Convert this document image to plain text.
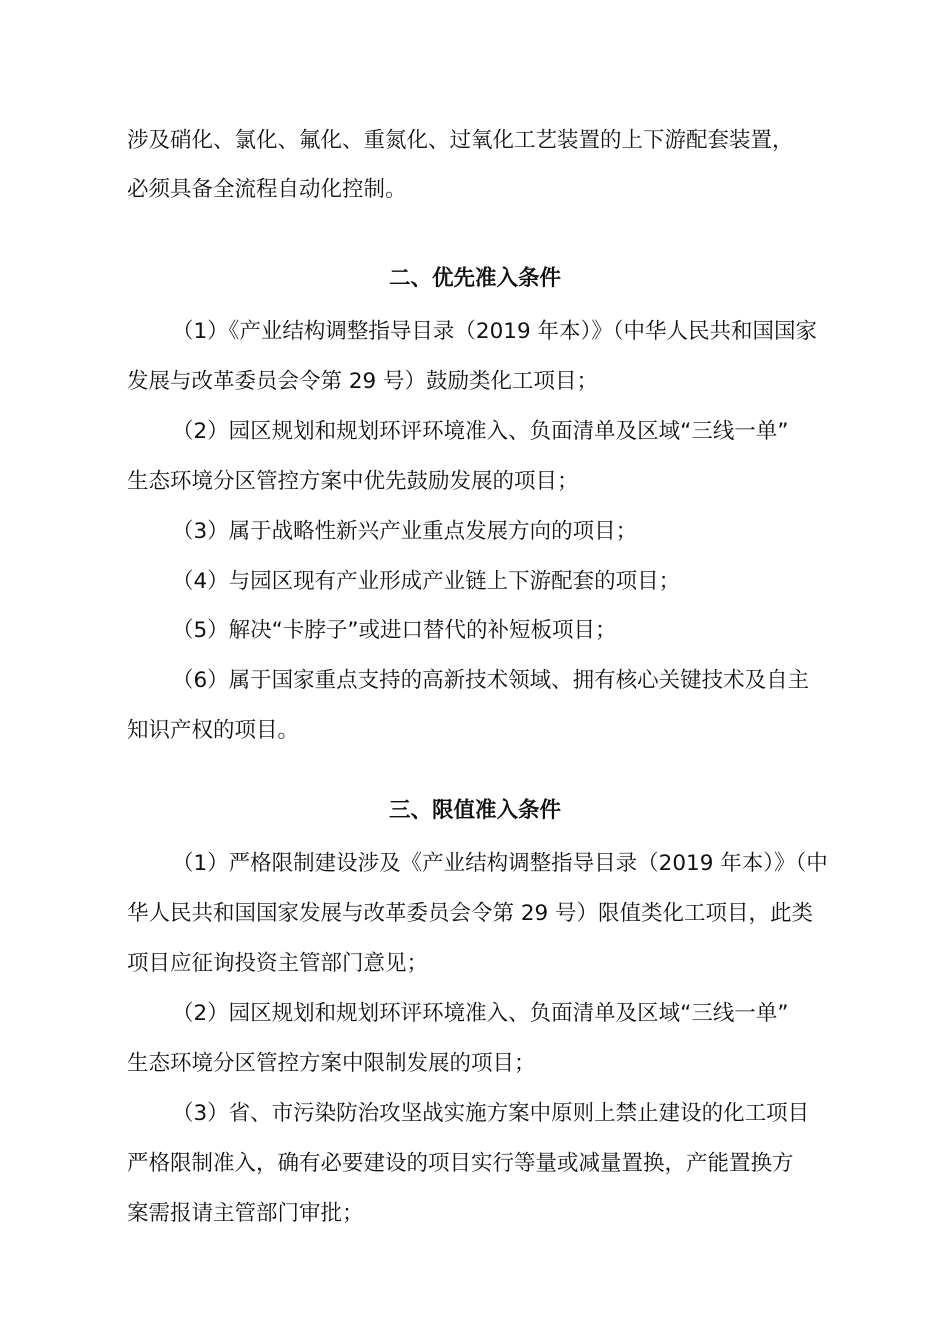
涉及硝化、氯化、氟化、重氮化、过氧化工艺装置的上下游配套装置，
必须具备全流程自动化控制。
二、优先准入条件
（1）《产业结构调整指导目录（2019 年本）》（中华人民共和国国家
发展与改革委员会令第 29 号）鼓励类化工项目；
（2）园区规划和规划环评环境准入、负面清单及区域“三线一单”
生态环境分区管控方案中优先鼓励发展的项目；
（3）属于战略性新兴产业重点发展方向的项目；
（4）与园区现有产业形成产业链上下游配套的项目；
（5）解决“卡脖子”或进口替代的补短板项目；
（6）属于国家重点支持的高新技术领域、拥有核心关键技术及自主
知识产权的项目。
三、限值准入条件
（1）严格限制建设涉及《产业结构调整指导目录（2019 年本）》（中
华人民共和国国家发展与改革委员会令第 29 号）限值类化工项目，此类
项目应征询投资主管部门意见；
（2）园区规划和规划环评环境准入、负面清单及区域“三线一单”
生态环境分区管控方案中限制发展的项目；
（3）省、市污染防治攻坚战实施方案中原则上禁止建设的化工项目
严格限制准入，确有必要建设的项目实行等量或减量置换，产能置换方
案需报请主管部门审批；
